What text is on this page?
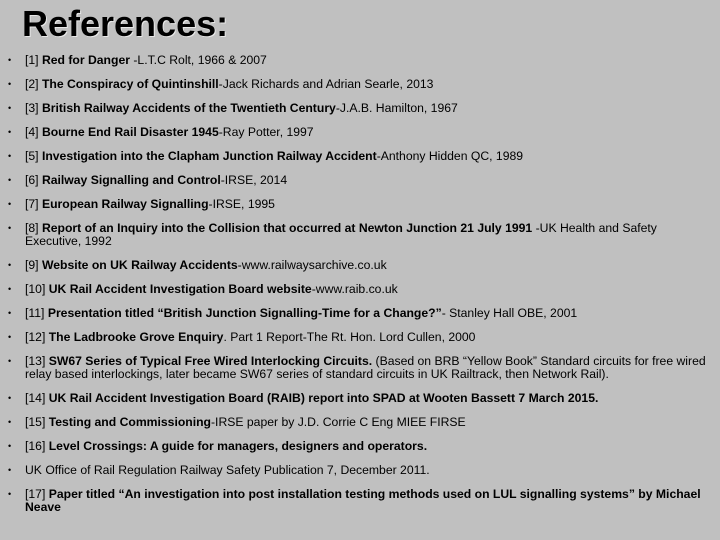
References:
• [1] Red for Danger -L.T.C Rolt, 1966 & 2007
• [2] The Conspiracy of Quintinshill-Jack Richards and Adrian Searle, 2013
• [3] British Railway Accidents of the Twentieth Century-J.A.B. Hamilton, 1967
• [4] Bourne End Rail Disaster 1945-Ray Potter, 1997
• [5] Investigation into the Clapham Junction Railway Accident-Anthony Hidden QC, 1989
• [6] Railway Signalling and Control-IRSE, 2014
• [7] European Railway Signalling-IRSE, 1995
• [8] Report of an Inquiry into the Collision that occurred at Newton Junction 21 July 1991 -UK Health and Safety Executive, 1992
• [9] Website on UK Railway Accidents-www.railwaysarchive.co.uk
• [10] UK Rail Accident Investigation Board website-www.raib.co.uk
• [11] Presentation titled “British Junction Signalling-Time for a Change?”- Stanley Hall OBE, 2001
• [12] The Ladbrooke Grove Enquiry. Part 1 Report-The Rt. Hon. Lord Cullen, 2000
• [13] SW67 Series of Typical Free Wired Interlocking Circuits. (Based on BRB “Yellow Book” Standard circuits for free wired relay based interlockings, later became SW67 series of standard circuits in UK Railtrack, then Network Rail).
• [14] UK Rail Accident Investigation Board (RAIB) report into SPAD at Wooten Bassett 7 March 2015.
• [15] Testing and Commissioning-IRSE paper by J.D. Corrie C Eng MIEE FIRSE
• [16] Level Crossings: A guide for managers, designers and operators.
• UK Office of Rail Regulation Railway Safety Publication 7, December 2011.
• [17] Paper titled “An investigation into post installation testing methods used on LUL signalling systems” by Michael Neave
